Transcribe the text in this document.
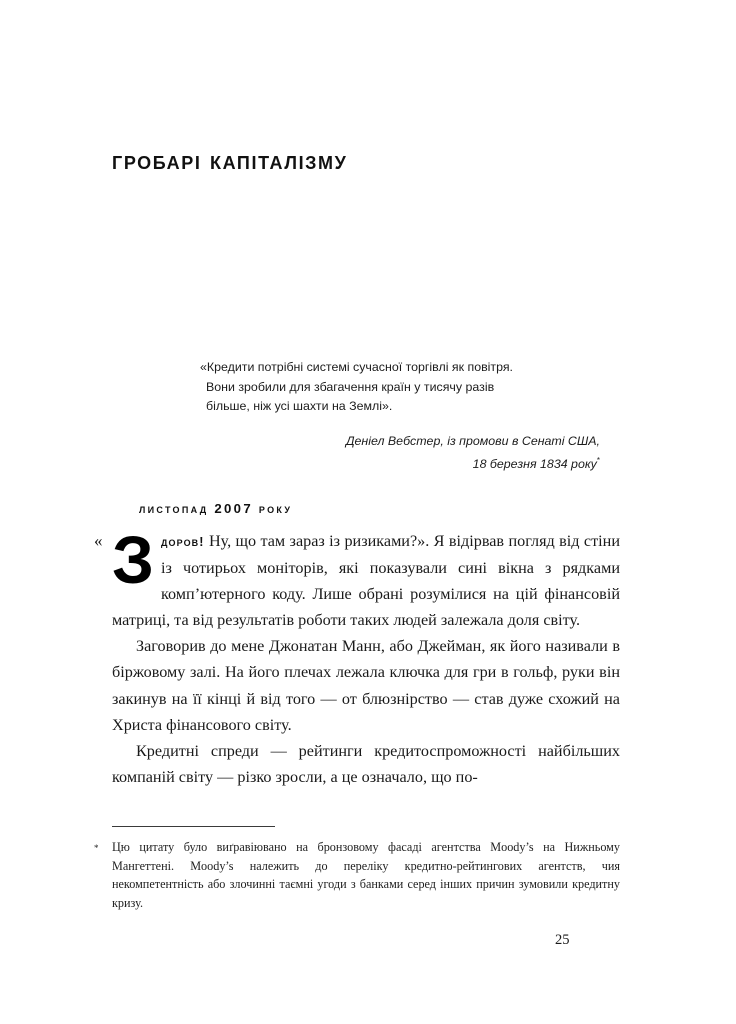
гробарі капіталізму
«Кредити потрібні системі сучасної торгівлі як повітря.
Вони зробили для збагачення країн у тисячу разів
більше, ніж усі шахти на Землі».
Деніел Вебстер, із промови в Сенаті США,
18 березня 1834 року*
листопад 2007 року

« З доров! Ну, що там зараз із ризиками?». Я відірвав погляд від стіни із чотирьох моніторів, які показували сині вікна з рядками комп’ютерного коду. Лише обрані розумілися на цій фінансовій матриці, та від результатів роботи таких людей залежала доля світу.

Заговорив до мене Джонатан Манн, або Джейман, як його називали в біржовому залі. На його плечах лежала ключка для гри в гольф, руки він закинув на її кінці й від того — от блюзнірство — став дуже схожий на Христа фінансового світу.

Кредитні спреди — рейтинги кредитоспроможності найбільших компаній світу — різко зросли, а це означало, що по-

* Цю цитату було виґравіювано на бронзовому фасаді агентства Moody’s на Нижньому Мангеттені. Moody’s належить до переліку кредитно-рейтингових агентств, чия некомпетентність або злочинні таємні угоди з банками серед інших причин зумовили кредитну кризу.

25
